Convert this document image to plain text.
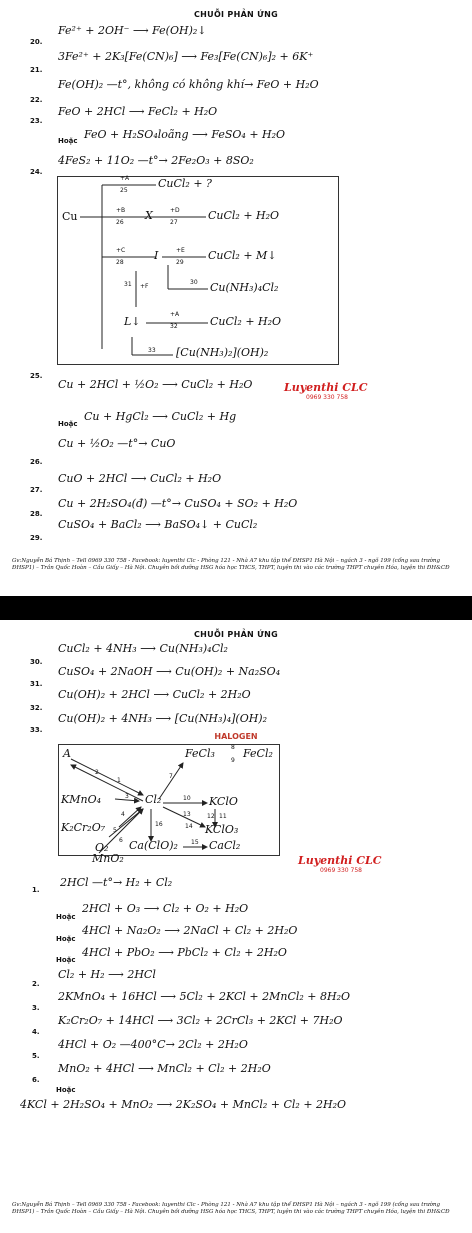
CHUỖI PHẢN ỨNG
20.
Fe²⁺ + 2OH⁻ ⟶ Fe(OH)₂↓
21.
3Fe²⁺ + 2K₃[Fe(CN)₆] ⟶ Fe₃[Fe(CN)₆]₂ + 6K⁺
22.
Fe(OH)₂ —t°, không có không khí→ FeO + H₂O
23.
FeO + 2HCl ⟶ FeCl₂ + H₂O
Hoặc FeO + H₂SO₄loãng ⟶ FeSO₄ + H₂O
24.
4FeS₂ + 11O₂ —t°→ 2Fe₂O₃ + 8SO₂
Cu
+A
25
CuCl₂ + ?
+B
26
X	+D
27
CuCl₂ + H₂O
+C
28
I	+E
29
CuCl₂ + M↓
30 Cu(NH₃)₄Cl₂
31 +F
L↓
+A
32	CuCl₂ + H₂O
33 [Cu(NH₃)₂](OH)₂
25.
Cu + 2HCl + ½O₂ ⟶ CuCl₂ + H₂O	Luyenthi CLC
0969 330 758
Hoặc
Cu + HgCl₂ ⟶ CuCl₂ + Hg
26.
Cu + ½O₂ —t°→ CuO
27.
CuO + 2HCl ⟶ CuCl₂ + H₂O
28.
Cu + 2H₂SO₄(đ) —t°→ CuSO₄ + SO₂ + H₂O
29.
CuSO₄ + BaCl₂ ⟶ BaSO₄↓ + CuCl₂
Gv:Nguyễn Bá Thịnh – Tell 0969 330 758 - Facebook: luyenthi Clc - Phòng 121 - Nhà A7 khu tập thể ĐHSP1 Hà Nội – ngách 3 - ngõ 199 (cổng sau trường ĐHSP1) – Trần Quốc Hoàn – Cầu Giấy – Hà Nội. Chuyên bồi dưỡng HSG hóa học THCS, THPT, luyện thi vào các trường THPT chuyên Hóa, luyện thi ĐH&CĐ
CHUỖI PHẢN ỨNG
30.
CuCl₂ + 4NH₃ ⟶ Cu(NH₃)₄Cl₂
31.
CuSO₄ + 2NaOH ⟶ Cu(OH)₂ + Na₂SO₄
32.
Cu(OH)₂ + 2HCl ⟶ CuCl₂ + 2H₂O
33.
Cu(OH)₂ + 4NH₃ ⟶ [Cu(NH₃)₄](OH)₂
HALOGEN
A	FeCl₃	8
9
FeCl₂
KMnO₄	Cl₂	KClO
K₂Cr₂O₇	KClO₃
O₂ Ca(ClO)₂	CaCl₂
1
2
3
4
5
6
7
10
11
12
13
14
15
16
MnO₂	Luyenthi CLC
0969 330 758
1.
2HCl —t°→ H₂ + Cl₂
Hoặc
2HCl + O₃ ⟶ Cl₂ + O₂ + H₂O
Hoặc
4HCl + Na₂O₂ ⟶ 2NaCl + Cl₂ + 2H₂O
Hoặc
4HCl + PbO₂ ⟶ PbCl₂ + Cl₂ + 2H₂O
2.
Cl₂ + H₂ ⟶ 2HCl
3.
2KMnO₄ + 16HCl ⟶ 5Cl₂ + 2KCl + 2MnCl₂ + 8H₂O
4.
K₂Cr₂O₇ + 14HCl ⟶ 3Cl₂ + 2CrCl₃ + 2KCl + 7H₂O
5.
4HCl + O₂ —400°C→ 2Cl₂ + 2H₂O
6.
MnO₂ + 4HCl ⟶ MnCl₂ + Cl₂ + 2H₂O
Hoặc
4KCl + 2H₂SO₄ + MnO₂ ⟶ 2K₂SO₄ + MnCl₂ + Cl₂ + 2H₂O
Gv:Nguyễn Bá Thịnh – Tell 0969 330 758 - Facebook: luyenthi Clc - Phòng 121 - Nhà A7 khu tập thể ĐHSP1 Hà Nội – ngách 3 - ngõ 199 (cổng sau trường ĐHSP1) – Trần Quốc Hoàn – Cầu Giấy – Hà Nội. Chuyên bồi dưỡng HSG hóa học THCS, THPT, luyện thi vào các trường THPT chuyên Hóa, luyện thi ĐH&CĐ
